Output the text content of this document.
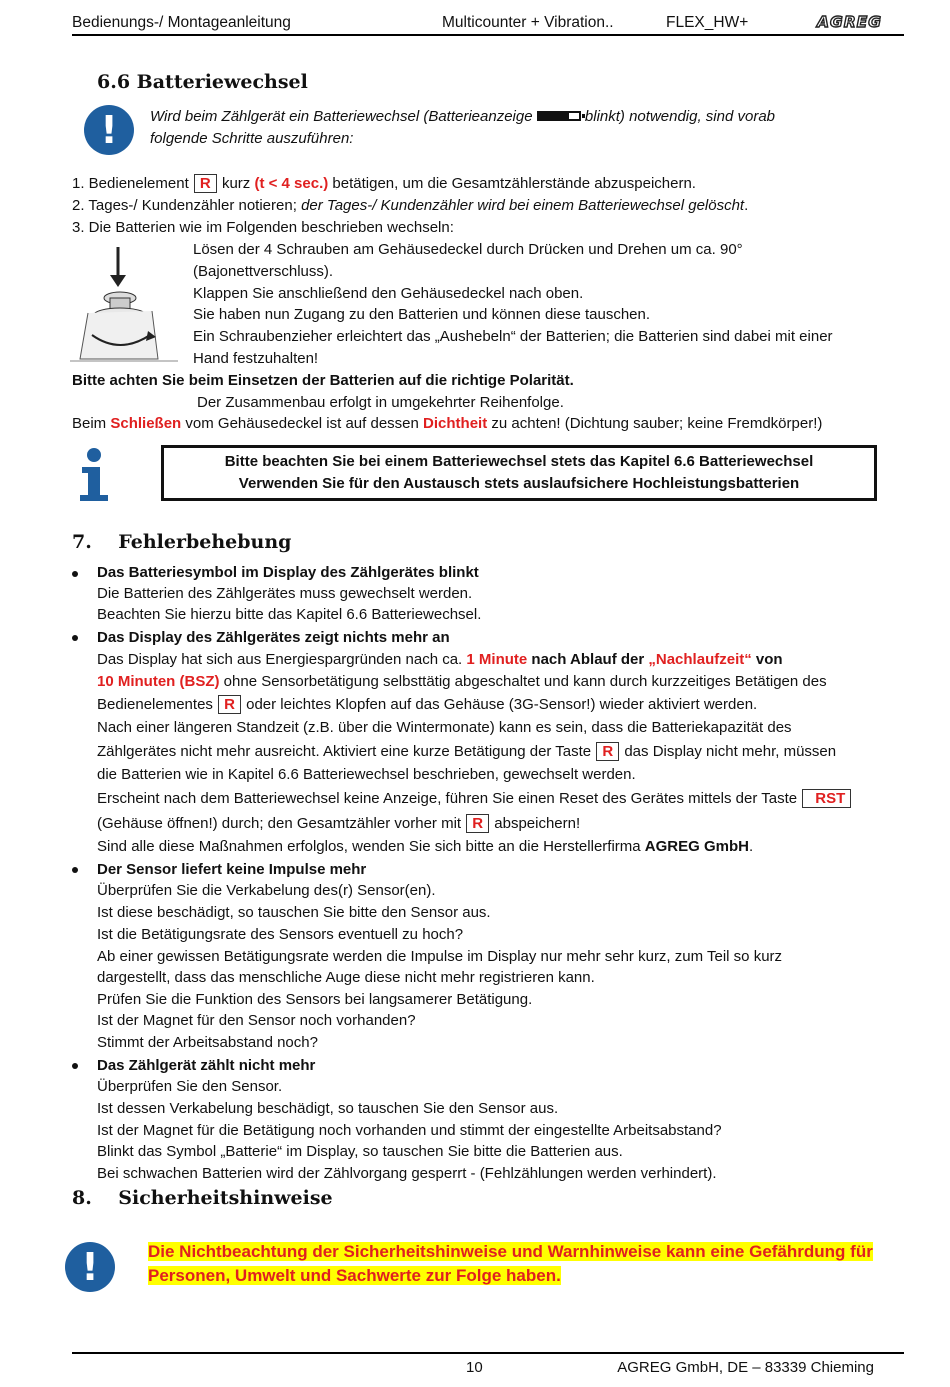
Bedienungs-/ Montageanleitung	Multicounter + Vibration..	FLEX_HW+	AGREG
6.6 Batteriewechsel
!	Wird beim Zählgerät ein Batteriewechsel (Batterieanzeige	blinkt) notwendig, sind vorab
folgende Schritte auszuführen:
1. Bedienelement R kurz (t < 4 sec.) betätigen, um die Gesamtzählerstände abzuspeichern.
2. Tages-/ Kundenzähler notieren; der Tages-/ Kundenzähler wird bei einem Batteriewechsel gelöscht.
3. Die Batterien wie im Folgenden beschrieben wechseln:
Lösen der 4 Schrauben am Gehäusedeckel durch Drücken und Drehen um ca. 90°
(Bajonettverschluss).
Klappen Sie anschließend den Gehäusedeckel nach oben.
Sie haben nun Zugang zu den Batterien und können diese tauschen.
Ein Schraubenzieher erleichtert das „Aushebeln“ der Batterien; die Batterien sind dabei mit einer
Hand festzuhalten!
Bitte achten Sie beim Einsetzen der Batterien auf die richtige Polarität.
Der Zusammenbau erfolgt in umgekehrter Reihenfolge.
Beim Schließen vom Gehäusedeckel ist auf dessen Dichtheit zu achten! (Dichtung sauber; keine Fremdkörper!)
Bitte beachten Sie bei einem Batteriewechsel stets das Kapitel 6.6 Batteriewechsel
Verwenden Sie für den Austausch stets auslaufsichere Hochleistungsbatterien
7.    Fehlerbehebung
Das Batteriesymbol im Display des Zählgerätes blinkt
Die Batterien des Zählgerätes muss gewechselt werden.
Beachten Sie hierzu bitte das Kapitel 6.6 Batteriewechsel.
Das Display des Zählgerätes zeigt nichts mehr an
Das Display hat sich aus Energiespargründen nach ca. 1 Minute nach Ablauf der „Nachlaufzeit“ von
10 Minuten (BSZ) ohne Sensorbetätigung selbsttätig abgeschaltet und kann durch kurzzeitiges Betätigen des
Bedienelementes R oder leichtes Klopfen auf das Gehäuse (3G-Sensor!) wieder aktiviert werden.
Nach einer längeren Standzeit (z.B. über die Wintermonate) kann es sein, dass die Batteriekapazität des
Zählgerätes nicht mehr ausreicht. Aktiviert eine kurze Betätigung der Taste R das Display nicht mehr, müssen
die Batterien wie in Kapitel 6.6 Batteriewechsel beschrieben, gewechselt werden.
Erscheint nach dem Batteriewechsel keine Anzeige, führen Sie einen Reset des Gerätes mittels der Taste RST
(Gehäuse öffnen!) durch; den Gesamtzähler vorher mit R abspeichern!
Sind alle diese Maßnahmen erfolglos, wenden Sie sich bitte an die Herstellerfirma AGREG GmbH.
Der Sensor liefert keine Impulse mehr
Überprüfen Sie die Verkabelung des(r) Sensor(en).
Ist diese beschädigt, so tauschen Sie bitte den Sensor aus.
Ist die Betätigungsrate des Sensors eventuell zu hoch?
Ab einer gewissen Betätigungsrate werden die Impulse im Display nur mehr sehr kurz, zum Teil so kurz
dargestellt, dass das menschliche Auge diese nicht mehr registrieren kann.
Prüfen Sie die Funktion des Sensors bei langsamerer Betätigung.
Ist der Magnet für den Sensor noch vorhanden?
Stimmt der Arbeitsabstand noch?
Das Zählgerät zählt nicht mehr
Überprüfen Sie den Sensor.
Ist dessen Verkabelung beschädigt, so tauschen Sie den Sensor aus.
Ist der Magnet für die Betätigung noch vorhanden und stimmt der eingestellte Arbeitsabstand?
Blinkt das Symbol „Batterie“ im Display, so tauschen Sie bitte die Batterien aus.
Bei schwachen Batterien wird der Zählvorgang gesperrt - (Fehlzählungen werden verhindert).
8.    Sicherheitshinweise
!	Die Nichtbeachtung der Sicherheitshinweise und Warnhinweise kann eine Gefährdung für
Personen, Umwelt und Sachwerte zur Folge haben.
10	AGREG GmbH, DE – 83339 Chieming
